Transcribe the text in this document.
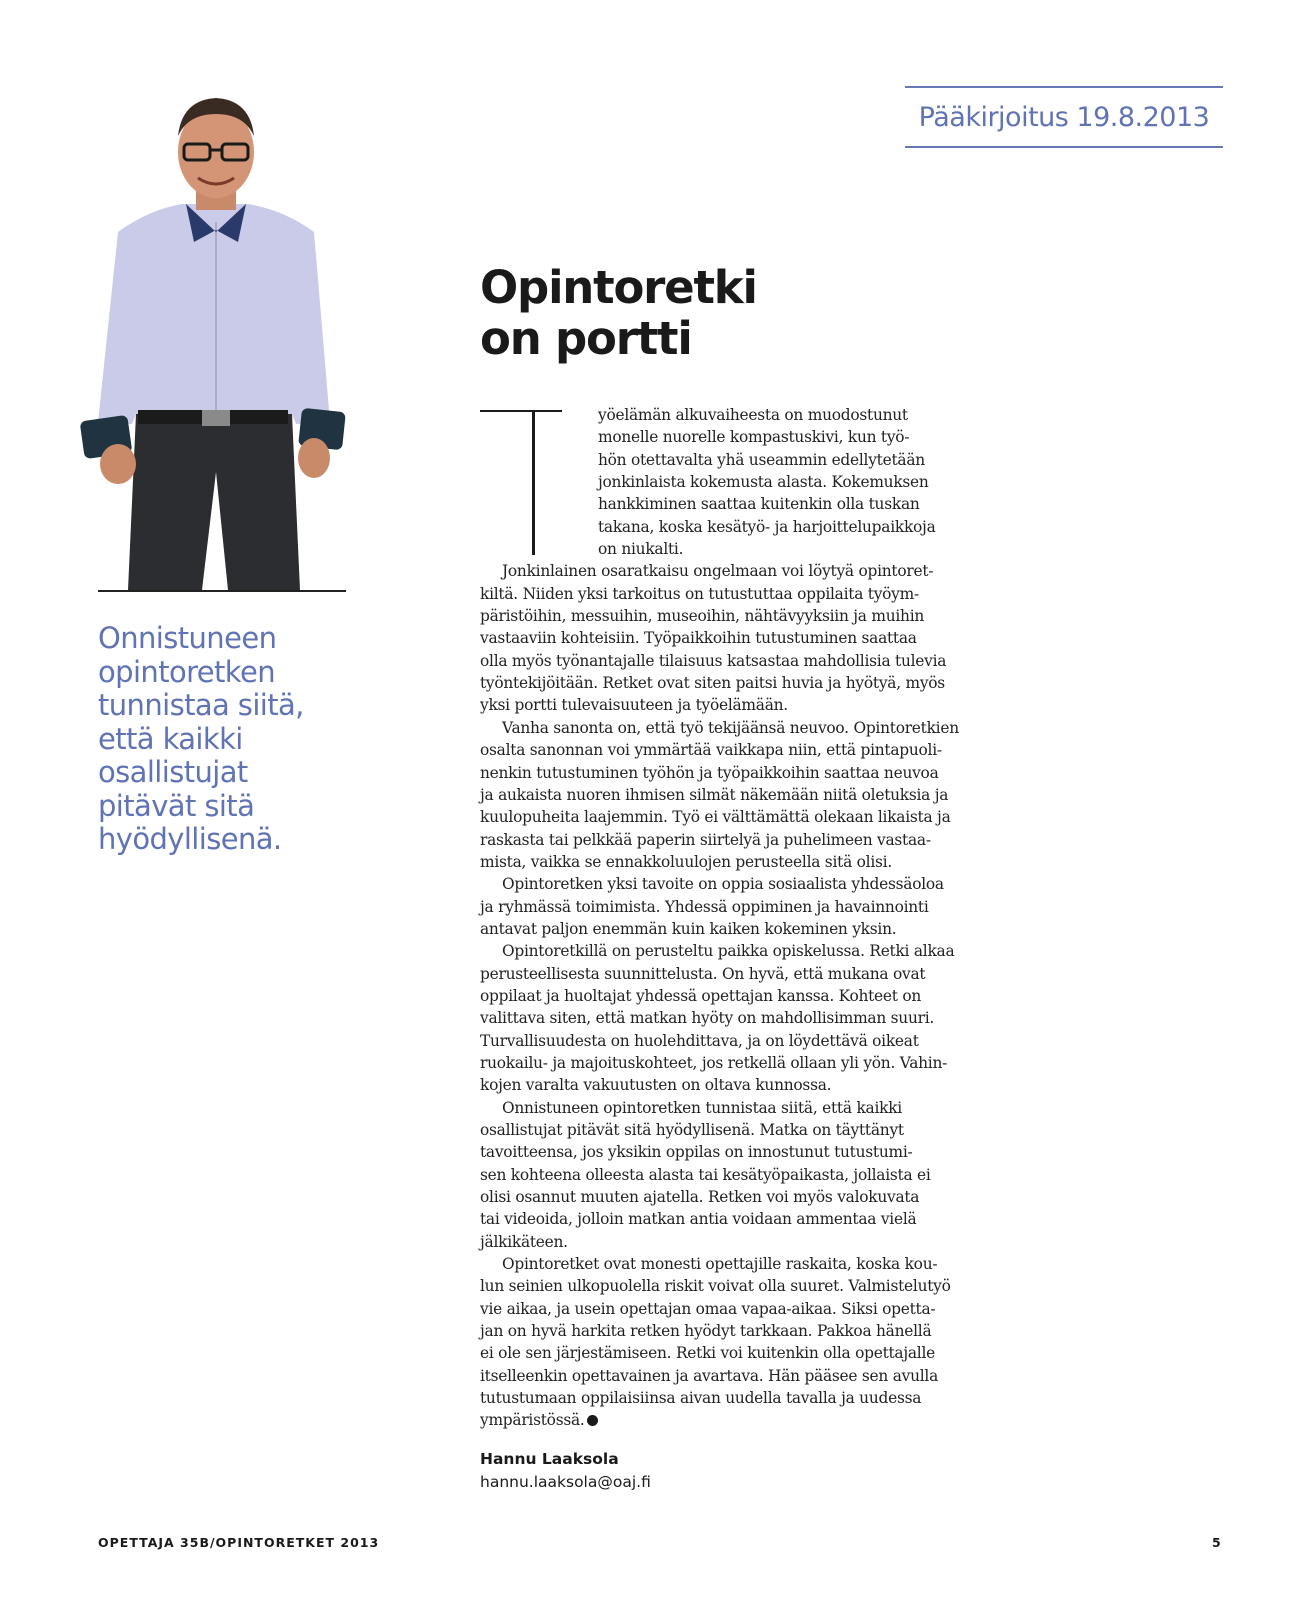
Pääkirjoitus 19.8.2013

Onnistuneen
opintoretken
tunnistaa siitä,
että kaikki
osallistujat
pitävät sitä
hyödyllisenä.

Opintoretki
on portti
yöelämän alkuvaiheesta on muodostunut
monelle nuorelle kompastuskivi, kun työ-
hön otettavalta yhä useammin edellytetään
jonkinlaista kokemusta alasta. Kokemuksen
hankkiminen saattaa kuitenkin olla tuskan
takana, koska kesätyö- ja harjoittelupaikkoja
on niukalti.
Jonkinlainen osaratkaisu ongelmaan voi löytyä opintoret-
kiltä. Niiden yksi tarkoitus on tutustuttaa oppilaita työym-
päristöihin, messuihin, museoihin, nähtävyyksiin ja muihin
vastaaviin kohteisiin. Työpaikkoihin tutustuminen saattaa
olla myös työnantajalle tilaisuus katsastaa mahdollisia tulevia
työntekijöitään. Retket ovat siten paitsi huvia ja hyötyä, myös
yksi portti tulevaisuuteen ja työelämään.
Vanha sanonta on, että työ tekijäänsä neuvoo. Opintoretkien
osalta sanonnan voi ymmärtää vaikkapa niin, että pintapuoli-
nenkin tutustuminen työhön ja työpaikkoihin saattaa neuvoa
ja aukaista nuoren ihmisen silmät näkemään niitä oletuksia ja
kuulopuheita laajemmin. Työ ei välttämättä olekaan likaista ja
raskasta tai pelkkää paperin siirtelyä ja puhelimeen vastaa-
mista, vaikka se ennakkoluulojen perusteella sitä olisi.
Opintoretken yksi tavoite on oppia sosiaalista yhdessäoloa
ja ryhmässä toimimista. Yhdessä oppiminen ja havainnointi
antavat paljon enemmän kuin kaiken kokeminen yksin.
Opintoretkillä on perusteltu paikka opiskelussa. Retki alkaa
perusteellisesta suunnittelusta. On hyvä, että mukana ovat
oppilaat ja huoltajat yhdessä opettajan kanssa. Kohteet on
valittava siten, että matkan hyöty on mahdollisimman suuri.
Turvallisuudesta on huolehdittava, ja on löydettävä oikeat
ruokailu- ja majoituskohteet, jos retkellä ollaan yli yön. Vahin-
kojen varalta vakuutusten on oltava kunnossa.
Onnistuneen opintoretken tunnistaa siitä, että kaikki
osallistujat pitävät sitä hyödyllisenä. Matka on täyttänyt
tavoitteensa, jos yksikin oppilas on innostunut tutustumi-
sen kohteena olleesta alasta tai kesätyöpaikasta, jollaista ei
olisi osannut muuten ajatella. Retken voi myös valokuvata
tai videoida, jolloin matkan antia voidaan ammentaa vielä
jälkikäteen.
Opintoretket ovat monesti opettajille raskaita, koska kou-
lun seinien ulkopuolella riskit voivat olla suuret. Valmistelutyö
vie aikaa, ja usein opettajan omaa vapaa-aikaa. Siksi opetta-
jan on hyvä harkita retken hyödyt tarkkaan. Pakkoa hänellä
ei ole sen järjestämiseen. Retki voi kuitenkin olla opettajalle
itselleenkin opettavainen ja avartava. Hän pääsee sen avulla
tutustumaan oppilaisiinsa aivan uudella tavalla ja uudessa
ympäristössä.
Hannu Laaksola
hannu.laaksola@oaj.fi
OPETTAJA 35B/OPINTORETKET 2013	5
